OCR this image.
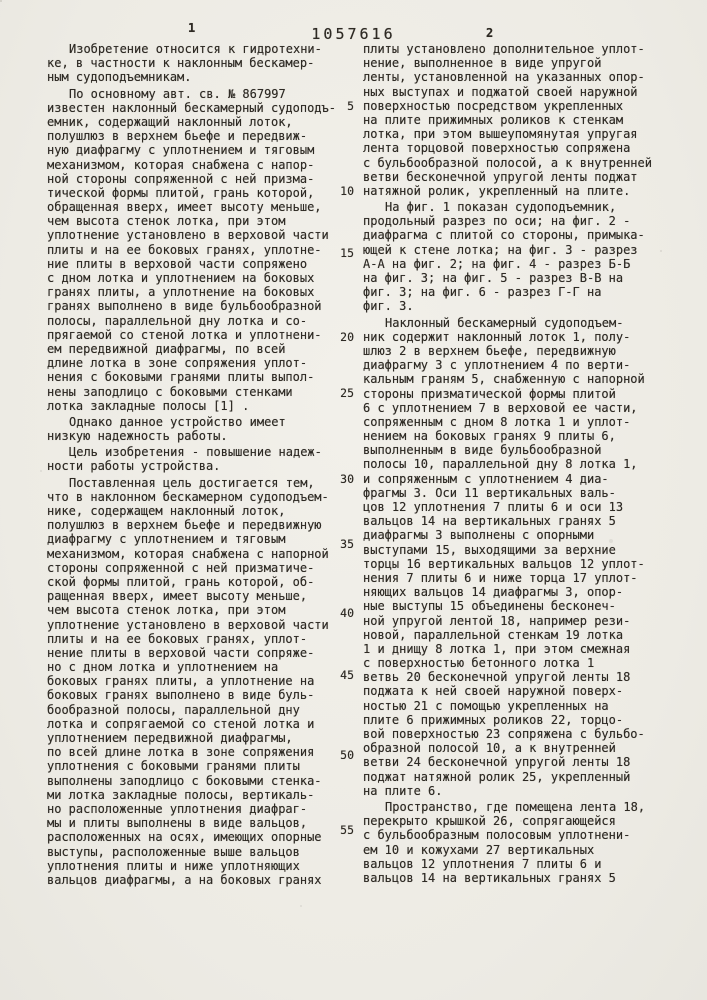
1	1057616	2
5
10
15
20
25
30
35
40
45
50
55
Изобретение относится к гидротехни-
ке, в частности к наклонным бескамер-
ным судоподъемникам.
По основному авт. св. № 867997
известен наклонный бескамерный судоподъ-
емник, содержащий наклонный лоток,
полушлюз в верхнем бьефе и передвиж-
ную диафрагму с уплотнением и тяговым
механизмом, которая снабжена с напор-
ной стороны сопряженной с ней призма-
тической формы плитой, грань которой,
обращенная вверх, имеет высоту меньше,
чем высота стенок лотка, при этом
уплотнение установлено в верховой части
плиты и на ее боковых гранях, уплотне-
ние плиты в верховой части сопряжено
с дном лотка и уплотнением на боковых
гранях плиты, а уплотнение на боковых
гранях выполнено в виде бульбообразной
полосы, параллельной дну лотка и со-
прягаемой со стеной лотка и уплотнени-
ем передвижной диафрагмы, по всей
длине лотка в зоне сопряжения уплот-
нения с боковыми гранями плиты выпол-
нены заподлицо с боковыми стенками
лотка закладные полосы [1] .
Однако данное устройство имеет
низкую надежность работы.
Цель изобретения - повышение надеж-
ности работы устройства.
Поставленная цель достигается тем,
что в наклонном бескамерном судоподъем-
нике, содержащем наклонный лоток,
полушлюз в верхнем бьефе и передвижную
диафрагму с уплотнением и тяговым
механизмом, которая снабжена с напорной
стороны сопряженной с ней призматиче-
ской формы плитой, грань которой, об-
ращенная вверх, имеет высоту меньше,
чем высота стенок лотка, при этом
уплотнение установлено в верховой части
плиты и на ее боковых гранях, уплот-
нение плиты в верховой части сопряже-
но с дном лотка и уплотнением на
боковых гранях плиты, а уплотнение на
боковых гранях выполнено в виде буль-
бообразной полосы, параллельной дну
лотка и сопрягаемой со стеной лотка и
уплотнением передвижной диафрагмы,
по всей длине лотка в зоне сопряжения
уплотнения с боковыми гранями плиты
выполнены заподлицо с боковыми стенка-
ми лотка закладные полосы, вертикаль-
но расположенные уплотнения диафраг-
мы и плиты выполнены в виде вальцов,
расположенных на осях, имеющих опорные
выступы, расположенные выше вальцов
уплотнения плиты и ниже уплотняющих
вальцов диафрагмы, а на боковых гранях
плиты установлено дополнительное уплот-
нение, выполненное в виде упругой
ленты, установленной на указанных опор-
ных выступах и поджатой своей наружной
поверхностью посредством укрепленных
на плите прижимных роликов к стенкам
лотка, при этом вышеупомянутая упругая
лента торцовой поверхностью сопряжена
с бульбообразной полосой, а к внутренней
ветви бесконечной упругой ленты поджат
натяжной ролик, укрепленный на плите.
На фиг. 1 показан судоподъемник,
продольный разрез по оси; на фиг. 2 -
диафрагма с плитой со стороны, примыка-
ющей к стене лотка; на фиг. 3 - разрез
А-А на фиг. 2; на фиг. 4 - разрез Б-Б
на фиг. 3; на фиг. 5 - разрез В-В на
фиг. 3; на фиг. 6 - разрез Г-Г на
фиг. 3.
Наклонный бескамерный судоподъем-
ник содержит наклонный лоток 1, полу-
шлюз 2 в верхнем бьефе, передвижную
диафрагму 3 с уплотнением 4 по верти-
кальным граням 5, снабженную с напорной
стороны призматической формы плитой
6 с уплотнением 7 в верховой ее части,
сопряженным с дном 8 лотка 1 и уплот-
нением на боковых гранях 9 плиты 6,
выполненным в виде бульбообразной
полосы 10, параллельной дну 8 лотка 1,
и сопряженным с уплотнением 4 диа-
фрагмы 3. Оси 11 вертикальных валь-
цов 12 уплотнения 7 плиты 6 и оси 13
вальцов 14 на вертикальных гранях 5
диафрагмы 3 выполнены с опорными
выступами 15, выходящими за верхние
торцы 16 вертикальных вальцов 12 уплот-
нения 7 плиты 6 и ниже торца 17 уплот-
няющих вальцов 14 диафрагмы 3, опор-
ные выступы 15 объединены бесконеч-
ной упругой лентой 18, например рези-
новой, параллельной стенкам 19 лотка
1 и днищу 8 лотка 1, при этом смежная
с поверхностью бетонного лотка 1
ветвь 20 бесконечной упругой ленты 18
поджата к ней своей наружной поверх-
ностью 21 с помощью укрепленных на
плите 6 прижимных роликов 22, торцо-
вой поверхностью 23 сопряжена с бульбо-
образной полосой 10, а к внутренней
ветви 24 бесконечной упругой ленты 18
поджат натяжной ролик 25, укрепленный
на плите 6.
Пространство, где помещена лента 18,
перекрыто крышкой 26, сопрягающейся
с бульбообразным полосовым уплотнени-
ем 10 и кожухами 27 вертикальных
вальцов 12 уплотнения 7 плиты 6 и
вальцов 14 на вертикальных гранях 5
